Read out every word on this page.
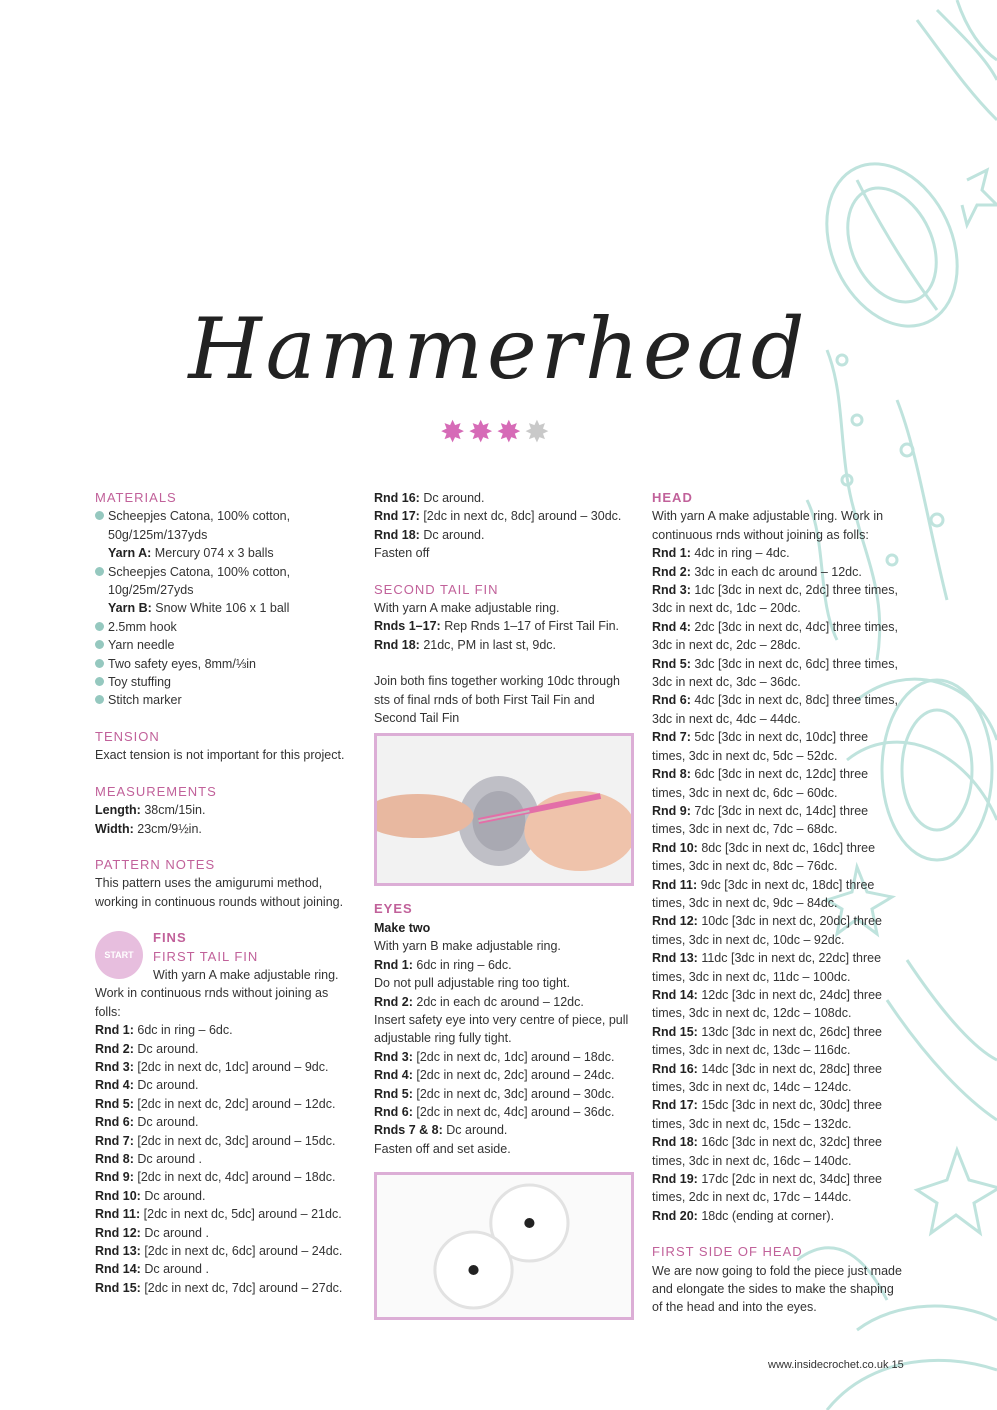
Hammerhead
✸ ✸ ✸ ✸
MATERIALS
Scheepjes Catona, 100% cotton,
50g/125m/137yds
Yarn A: Mercury 074 x 3 balls
Scheepjes Catona, 100% cotton,
10g/25m/27yds
Yarn B: Snow White 106 x 1 ball
2.5mm hook
Yarn needle
Two safety eyes, 8mm/⅓in
Toy stuffing
Stitch marker
TENSION

Exact tension is not important for this project.

MEASUREMENTS
Length: 38cm/15in.
Width: 23cm/9½in.
PATTERN NOTES

This pattern uses the amigurumi method, working in continuous rounds without joining.

START
FINS
FIRST TAIL FIN

With yarn A make adjustable ring. Work in continuous rnds without joining as folls:

Rnd 1: 6dc in ring – 6dc.
Rnd 2: Dc around.
Rnd 3: [2dc in next dc, 1dc] around – 9dc.
Rnd 4: Dc around.
Rnd 5: [2dc in next dc, 2dc] around – 12dc.
Rnd 6: Dc around.
Rnd 7: [2dc in next dc, 3dc] around – 15dc.
Rnd 8: Dc around .
Rnd 9: [2dc in next dc, 4dc] around – 18dc.
Rnd 10: Dc around.
Rnd 11: [2dc in next dc, 5dc] around – 21dc.
Rnd 12: Dc around .
Rnd 13: [2dc in next dc, 6dc] around – 24dc.
Rnd 14: Dc around .
Rnd 15: [2dc in next dc, 7dc] around – 27dc.
Rnd 16: Dc around.
Rnd 17: [2dc in next dc, 8dc] around – 30dc.
Rnd 18: Dc around.
Fasten off
SECOND TAIL FIN
With yarn A make adjustable ring.
Rnds 1–17: Rep Rnds 1–17 of First Tail Fin.
Rnd 18: 21dc, PM in last st, 9dc.

Join both fins together working 10dc through sts of final rnds of both First Tail Fin and Second Tail Fin

EYES
Make two
With yarn B make adjustable ring.
Rnd 1: 6dc in ring – 6dc.
Do not pull adjustable ring too tight.
Rnd 2: 2dc in each dc around – 12dc.

Insert safety eye into very centre of piece, pull adjustable ring fully tight.

Rnd 3: [2dc in next dc, 1dc] around – 18dc.
Rnd 4: [2dc in next dc, 2dc] around – 24dc.
Rnd 5: [2dc in next dc, 3dc] around – 30dc.
Rnd 6: [2dc in next dc, 4dc] around – 36dc.
Rnds 7 & 8: Dc around.
Fasten off and set aside.
HEAD

With yarn A make adjustable ring. Work in continuous rnds without joining as folls:

Rnd 1: 4dc in ring – 4dc.
Rnd 2: 3dc in each dc around – 12dc.
Rnd 3: 1dc [3dc in next dc, 2dc] three times, 3dc in next dc, 1dc – 20dc.
Rnd 4: 2dc [3dc in next dc, 4dc] three times, 3dc in next dc, 2dc – 28dc.
Rnd 5: 3dc [3dc in next dc, 6dc] three times, 3dc in next dc, 3dc – 36dc.
Rnd 6: 4dc [3dc in next dc, 8dc] three times, 3dc in next dc, 4dc – 44dc.
Rnd 7: 5dc [3dc in next dc, 10dc] three times, 3dc in next dc, 5dc – 52dc.
Rnd 8: 6dc [3dc in next dc, 12dc] three times, 3dc in next dc, 6dc – 60dc.
Rnd 9: 7dc [3dc in next dc, 14dc] three times, 3dc in next dc, 7dc – 68dc.
Rnd 10: 8dc [3dc in next dc, 16dc] three times, 3dc in next dc, 8dc – 76dc.
Rnd 11: 9dc [3dc in next dc, 18dc] three times, 3dc in next dc, 9dc – 84dc.
Rnd 12: 10dc [3dc in next dc, 20dc] three times, 3dc in next dc, 10dc – 92dc.
Rnd 13: 11dc [3dc in next dc, 22dc] three times, 3dc in next dc, 11dc – 100dc.
Rnd 14: 12dc [3dc in next dc, 24dc] three times, 3dc in next dc, 12dc – 108dc.
Rnd 15: 13dc [3dc in next dc, 26dc] three times, 3dc in next dc, 13dc – 116dc.
Rnd 16: 14dc [3dc in next dc, 28dc] three times, 3dc in next dc, 14dc – 124dc.
Rnd 17: 15dc [3dc in next dc, 30dc] three times, 3dc in next dc, 15dc – 132dc.
Rnd 18: 16dc [3dc in next dc, 32dc] three times, 3dc in next dc, 16dc – 140dc.
Rnd 19: 17dc [2dc in next dc, 34dc] three times, 2dc in next dc, 17dc – 144dc.
Rnd 20: 18dc (ending at corner).
FIRST SIDE OF HEAD

We are now going to fold the piece just made and elongate the sides to make the shaping of the head and into the eyes.

www.insidecrochet.co.uk 15
